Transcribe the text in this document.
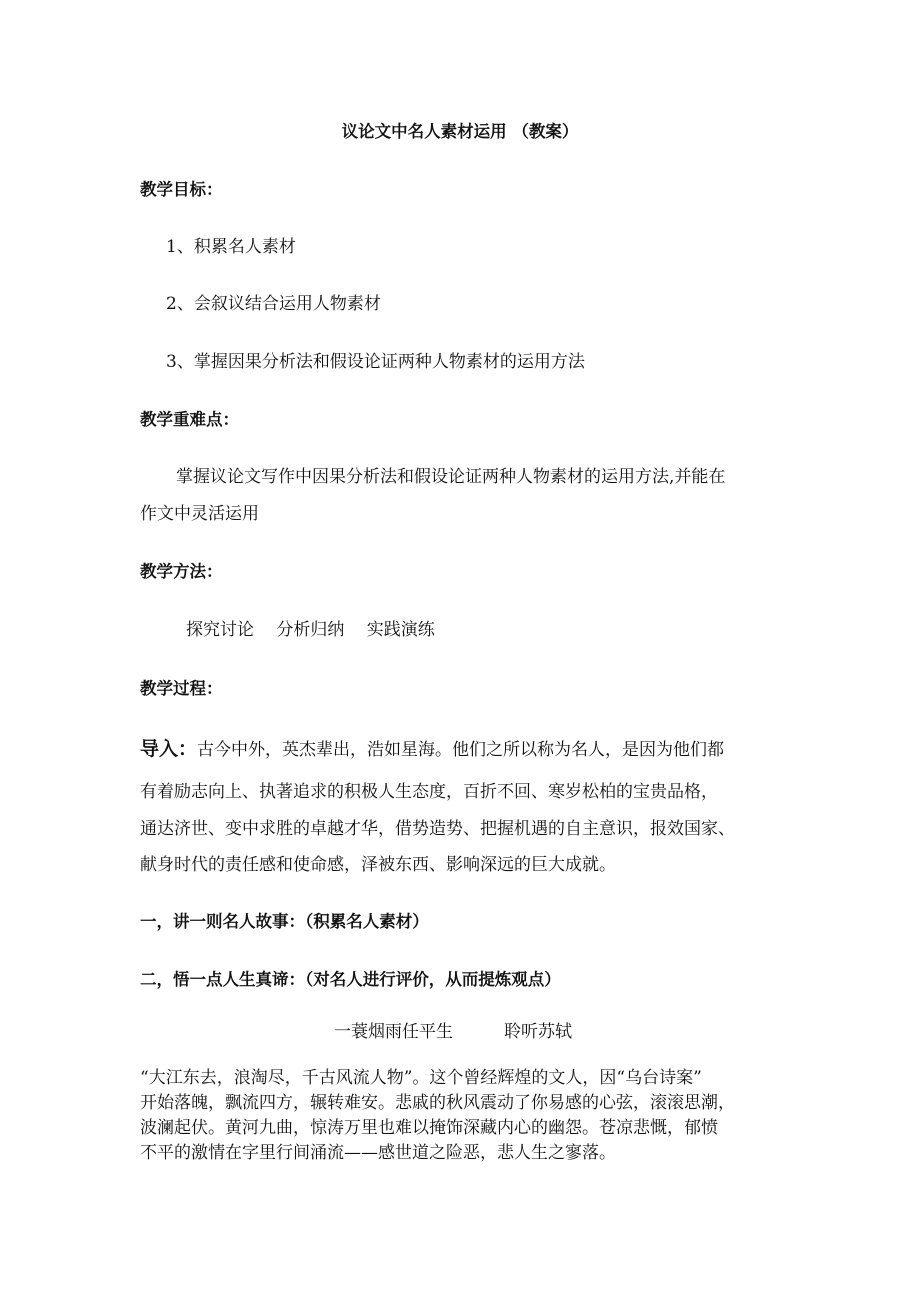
议论文中名人素材运用 （教案）
教学目标：
1、积累名人素材
2、会叙议结合运用人物素材
3、掌握因果分析法和假设论证两种人物素材的运用方法
教学重难点：
掌握议论文写作中因果分析法和假设论证两种人物素材的运用方法,并能在
作文中灵活运用
教学方法：
探究讨论　 分析归纳　 实践演练
教学过程：
导入：古今中外，英杰辈出，浩如星海。他们之所以称为名人，是因为他们都
有着励志向上、执著追求的积极人生态度，百折不回、寒岁松柏的宝贵品格，
通达济世、变中求胜的卓越才华，借势造势、把握机遇的自主意识，报效国家、
献身时代的责任感和使命感，泽被东西、影响深远的巨大成就。
一，讲一则名人故事：（积累名人素材）
二，悟一点人生真谛：（对名人进行评价，从而提炼观点）
一蓑烟雨任平生　　　聆听苏轼
“大江东去，浪淘尽，千古风流人物”。这个曾经辉煌的文人，因“乌台诗案”
开始落魄，飘流四方，辗转难安。悲戚的秋风震动了你易感的心弦，滚滚思潮，
波澜起伏。黄河九曲，惊涛万里也难以掩饰深藏内心的幽怨。苍凉悲慨，郁愤
不平的激情在字里行间涌流——感世道之险恶，悲人生之寥落。
